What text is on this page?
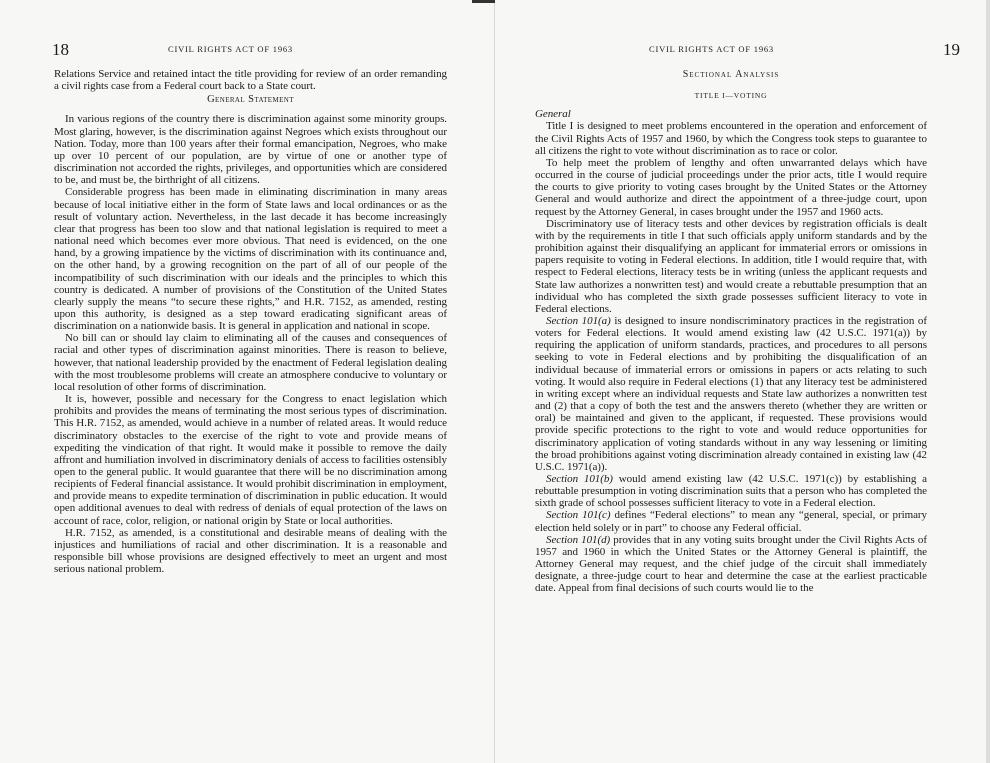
18	CIVIL RIGHTS ACT OF 1963

Relations Service and retained intact the title providing for review of an order remanding a civil rights case from a Federal court back to a State court.

General Statement

In various regions of the country there is discrimination against some minority groups. Most glaring, however, is the discrimination against Negroes which exists throughout our Nation. Today, more than 100 years after their formal emancipation, Negroes, who make up over 10 percent of our population, are by virtue of one or another type of discrimination not accorded the rights, privileges, and opportunities which are considered to be, and must be, the birthright of all citizens.

Considerable progress has been made in eliminating discrimination in many areas because of local initiative either in the form of State laws and local ordinances or as the result of voluntary action. Nevertheless, in the last decade it has become increasingly clear that progress has been too slow and that national legislation is required to meet a national need which becomes ever more obvious. That need is evidenced, on the one hand, by a growing impatience by the victims of discrimination with its continuance and, on the other hand, by a growing recognition on the part of all of our people of the incompatibility of such discrimination with our ideals and the principles to which this country is dedicated. A number of provisions of the Constitution of the United States clearly supply the means “to secure these rights,” and H.R. 7152, as amended, resting upon this authority, is designed as a step toward eradicating significant areas of discrimination on a nationwide basis. It is general in application and national in scope.

No bill can or should lay claim to eliminating all of the causes and consequences of racial and other types of discrimination against minorities. There is reason to believe, however, that national leadership provided by the enactment of Federal legislation dealing with the most troublesome problems will create an atmosphere conducive to voluntary or local resolution of other forms of discrimination.

It is, however, possible and necessary for the Congress to enact legislation which prohibits and provides the means of terminating the most serious types of discrimination. This H.R. 7152, as amended, would achieve in a number of related areas. It would reduce discriminatory obstacles to the exercise of the right to vote and provide means of expediting the vindication of that right. It would make it possible to remove the daily affront and humiliation involved in discriminatory denials of access to facilities ostensibly open to the general public. It would guarantee that there will be no discrimination among recipients of Federal financial assistance. It would prohibit discrimination in employment, and provide means to expedite termination of discrimination in public education. It would open additional avenues to deal with redress of denials of equal protection of the laws on account of race, color, religion, or national origin by State or local authorities.

H.R. 7152, as amended, is a constitutional and desirable means of dealing with the injustices and humiliations of racial and other discrimination. It is a reasonable and responsible bill whose provisions are designed effectively to meet an urgent and most serious national problem.

CIVIL RIGHTS ACT OF 1963	19
Sectional Analysis
TITLE I—VOTING

General

Title I is designed to meet problems encountered in the operation and enforcement of the Civil Rights Acts of 1957 and 1960, by which the Congress took steps to guarantee to all citizens the right to vote without discrimination as to race or color.

To help meet the problem of lengthy and often unwarranted delays which have occurred in the course of judicial proceedings under the prior acts, title I would require the courts to give priority to voting cases brought by the United States or the Attorney General and would authorize and direct the appointment of a three-judge court, upon request by the Attorney General, in cases brought under the 1957 and 1960 acts.

Discriminatory use of literacy tests and other devices by registration officials is dealt with by the requirements in title I that such officials apply uniform standards and by the prohibition against their disqualifying an applicant for immaterial errors or omissions in papers requisite to voting in Federal elections. In addition, title I would require that, with respect to Federal elections, literacy tests be in writing (unless the applicant requests and State law authorizes a nonwritten test) and would create a rebuttable presumption that an individual who has completed the sixth grade possesses sufficient literacy to vote in Federal elections.

Section 101(a) is designed to insure nondiscriminatory practices in the registration of voters for Federal elections. It would amend existing law (42 U.S.C. 1971(a)) by requiring the application of uniform standards, practices, and procedures to all persons seeking to vote in Federal elections and by prohibiting the disqualification of an individual because of immaterial errors or omissions in papers or acts relating to such voting. It would also require in Federal elections (1) that any literacy test be administered in writing except where an individual requests and State law authorizes a nonwritten test and (2) that a copy of both the test and the answers thereto (whether they are written or oral) be maintained and given to the applicant, if requested. These provisions would provide specific protections to the right to vote and would reduce opportunities for discriminatory application of voting standards without in any way lessening or limiting the broad prohibitions against voting discrimination already contained in existing law (42 U.S.C. 1971(a)).

Section 101(b) would amend existing law (42 U.S.C. 1971(c)) by establishing a rebuttable presumption in voting discrimination suits that a person who has completed the sixth grade of school possesses sufficient literacy to vote in a Federal election.

Section 101(c) defines “Federal elections” to mean any “general, special, or primary election held solely or in part” to choose any Federal official.

Section 101(d) provides that in any voting suits brought under the Civil Rights Acts of 1957 and 1960 in which the United States or the Attorney General is plaintiff, the Attorney General may request, and the chief judge of the circuit shall immediately designate, a three-judge court to hear and determine the case at the earliest practicable date. Appeal from final decisions of such courts would lie to the
